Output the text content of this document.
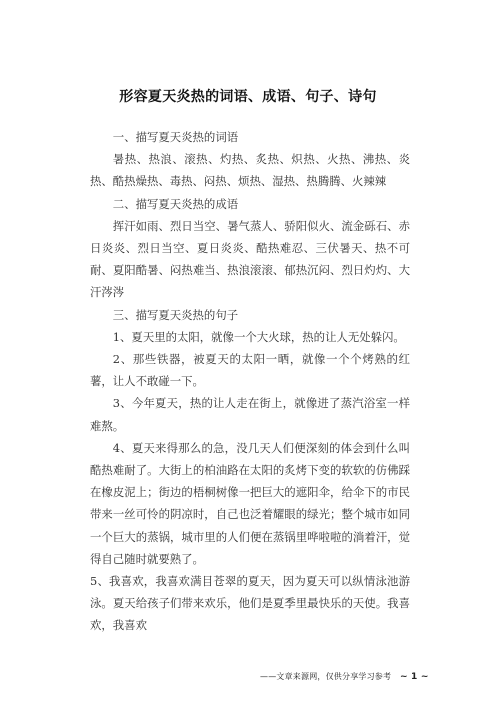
形容夏天炎热的词语、成语、句子、诗句

一、描写夏天炎热的词语

暑热、热浪、滚热、灼热、炙热、炽热、火热、沸热、炎热、酷热燥热、毒热、闷热、烦热、湿热、热腾腾、火辣辣

二、描写夏天炎热的成语

挥汗如雨、烈日当空、暑气蒸人、骄阳似火、流金砾石、赤日炎炎、烈日当空、夏日炎炎、酷热难忍、三伏暑天、热不可耐、夏阳酷暑、闷热难当、热浪滚滚、郁热沉闷、烈日灼灼、大汗涔涔

三、描写夏天炎热的句子

1、夏天里的太阳，就像一个大火球，热的让人无处躲闪。

2、那些铁器，被夏天的太阳一晒，就像一个个烤熟的红薯，让人不敢碰一下。

3、今年夏天，热的让人走在街上，就像进了蒸汽浴室一样难熬。

4、夏天来得那么的急，没几天人们便深刻的体会到什么叫酷热难耐了。大街上的柏油路在太阳的炙烤下变的软软的仿佛踩在橡皮泥上；街边的梧桐树像一把巨大的遮阳伞，给伞下的市民带来一丝可怜的阴凉时，自己也泛着耀眼的绿光；整个城市如同一个巨大的蒸锅，城市里的人们便在蒸锅里哗啦啦的淌着汗，觉得自己随时就要熟了。

5、我喜欢，我喜欢满目苍翠的夏天，因为夏天可以纵情泳池游泳。夏天给孩子们带来欢乐，他们是夏季里最快乐的天使。我喜欢，我喜欢

——文章来源网，仅供分享学习参考 ~ 1 ~
